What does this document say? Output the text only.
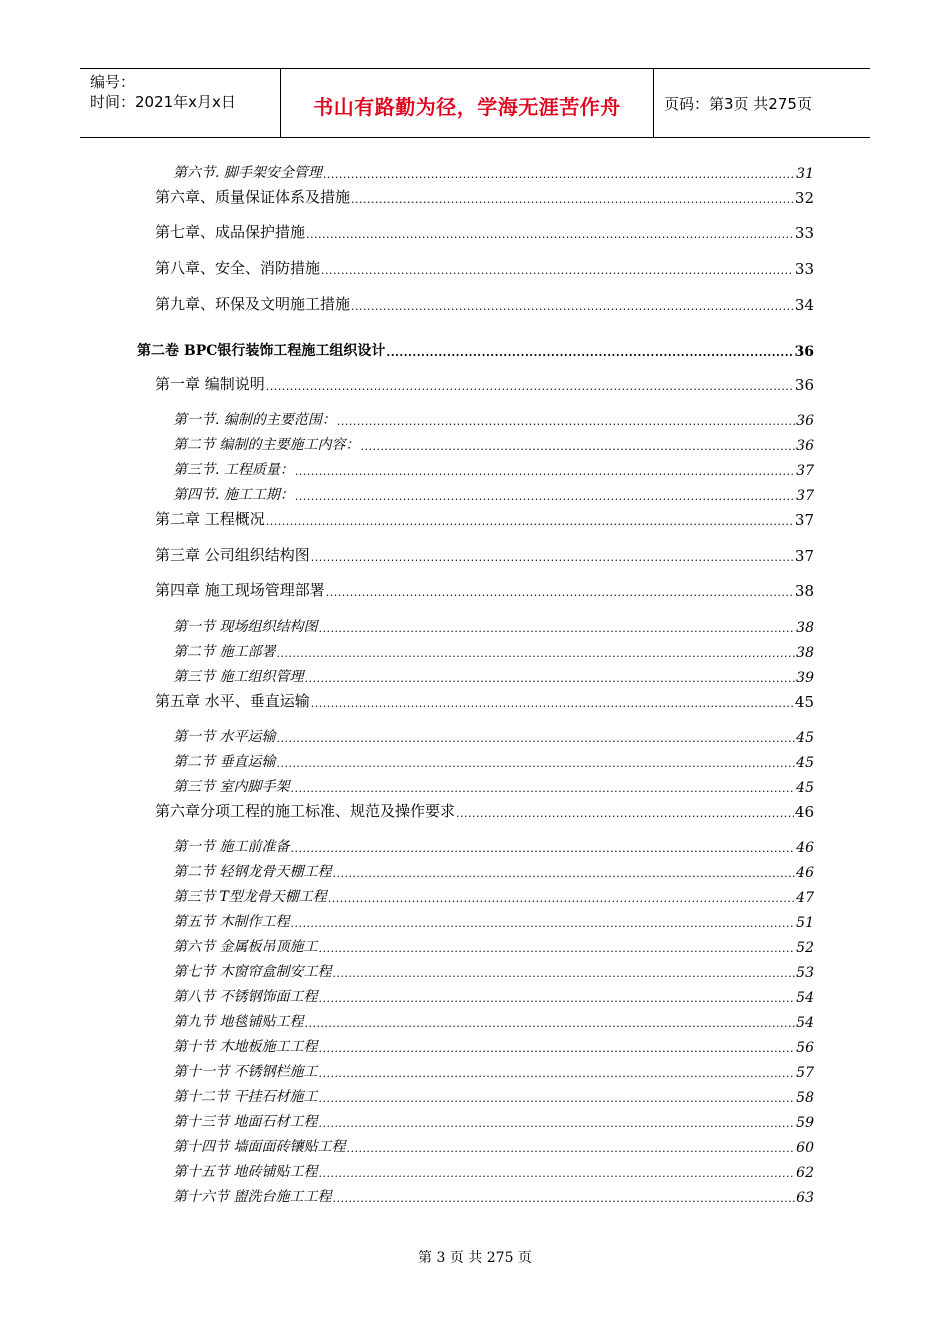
编号：
时间：2021年x月x日	书山有路勤为径，学海无涯苦作舟	页码：第3页 共275页
第六节. 脚手架安全管理 .....	31
第六章、质量保证体系及措施 .....	32
第七章、成品保护措施 .....	33
第八章、安全、消防措施 .....	33
第九章、环保及文明施工措施 .....	34
第二卷 BPC银行装饰工程施工组织设计 .....	36
第一章 编制说明 .....	36
第一节. 编制的主要范围： .....	36
第二节 编制的主要施工内容： .....	36
第三节. 工程质量： .....	37
第四节. 施工工期： .....	37
第二章 工程概况 .....	37
第三章 公司组织结构图 .....	37
第四章 施工现场管理部署 .....	38
第一节 现场组织结构图 .....	38
第二节 施工部署 .....	38
第三节 施工组织管理 .....	39
第五章 水平、垂直运输 .....	45
第一节 水平运输 .....	45
第二节 垂直运输 .....	45
第三节 室内脚手架 .....	45
第六章分项工程的施工标准、规范及操作要求 .....	46
第一节 施工前准备 .....	46
第二节 轻钢龙骨天棚工程 .....	46
第三节 T型龙骨天棚工程 .....	47
第五节 木制作工程 .....	51
第六节 金属板吊顶施工 .....	52
第七节 木窗帘盒制安工程 .....	53
第八节 不锈钢饰面工程 .....	54
第九节 地毯铺贴工程 .....	54
第十节 木地板施工工程 .....	56
第十一节 不锈钢栏施工 .....	57
第十二节 干挂石材施工 .....	58
第十三节 地面石材工程 .....	59
第十四节 墙面面砖镶贴工程 .....	60
第十五节 地砖铺贴工程 .....	62
第十六节 盥洗台施工工程 .....	63
第 3 页 共 275 页
